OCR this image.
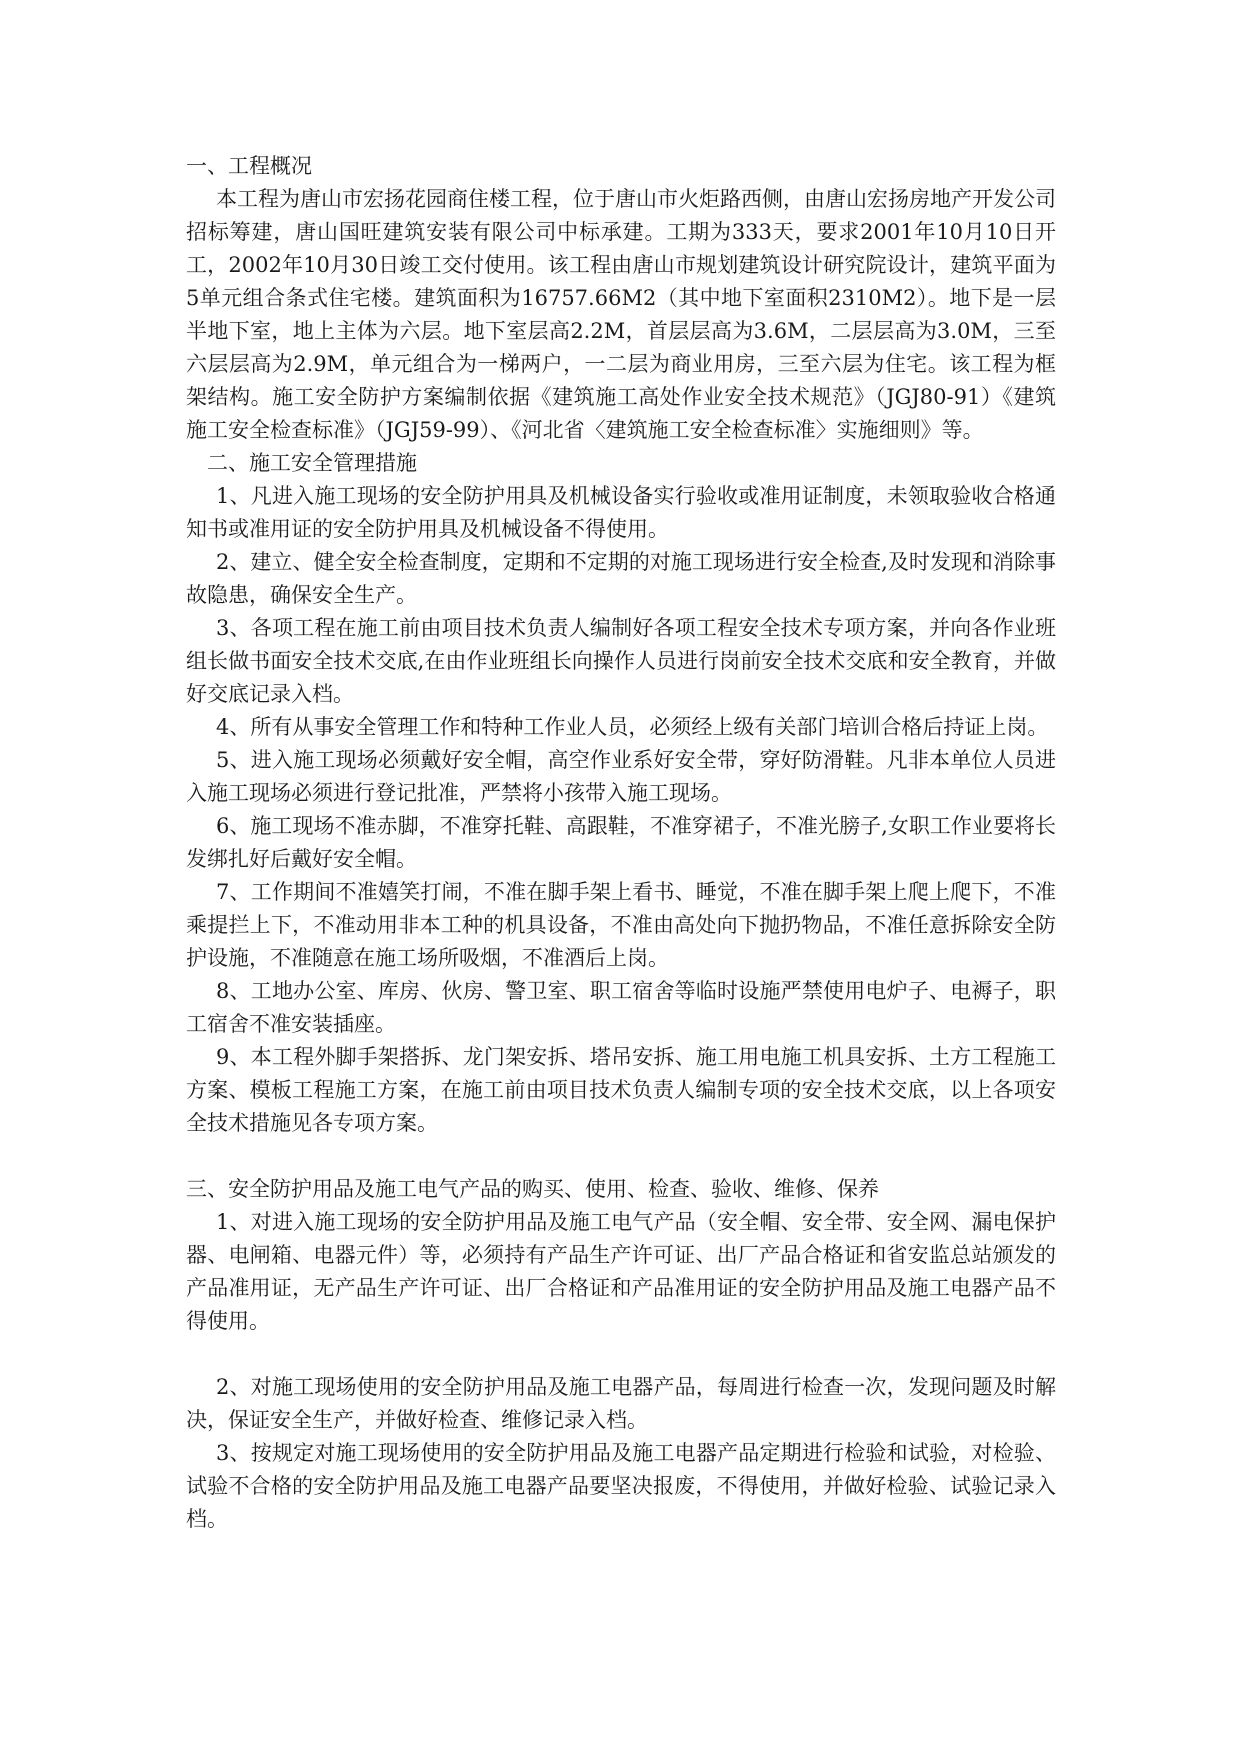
一、工程概况

本工程为唐山市宏扬花园商住楼工程，位于唐山市火炬路西侧，由唐山宏扬房地产开发公司招标筹建，唐山国旺建筑安装有限公司中标承建。工期为333天，要求2001年10月10日开工，2002年10月30日竣工交付使用。该工程由唐山市规划建筑设计研究院设计，建筑平面为5单元组合条式住宅楼。建筑面积为16757.66M2（其中地下室面积2310M2）。地下是一层半地下室，地上主体为六层。地下室层高2.2M，首层层高为3.6M，二层层高为3.0M，三至六层层高为2.9M，单元组合为一梯两户，一二层为商业用房，三至六层为住宅。该工程为框架结构。施工安全防护方案编制依据《建筑施工高处作业安全技术规范》（JGJ80-91）《建筑施工安全检查标准》（JGJ59-99）、《河北省〈建筑施工安全检查标准〉实施细则》等。

二、施工安全管理措施

1、凡进入施工现场的安全防护用具及机械设备实行验收或准用证制度，未领取验收合格通知书或准用证的安全防护用具及机械设备不得使用。

2、建立、健全安全检查制度，定期和不定期的对施工现场进行安全检查,及时发现和消除事故隐患，确保安全生产。

3、各项工程在施工前由项目技术负责人编制好各项工程安全技术专项方案，并向各作业班组长做书面安全技术交底,在由作业班组长向操作人员进行岗前安全技术交底和安全教育，并做好交底记录入档。

4、所有从事安全管理工作和特种工作业人员，必须经上级有关部门培训合格后持证上岗。

5、进入施工现场必须戴好安全帽，高空作业系好安全带，穿好防滑鞋。凡非本单位人员进入施工现场必须进行登记批准，严禁将小孩带入施工现场。

6、施工现场不准赤脚，不准穿托鞋、高跟鞋，不准穿裙子，不准光膀子,女职工作业要将长发绑扎好后戴好安全帽。

7、工作期间不准嬉笑打闹，不准在脚手架上看书、睡觉，不准在脚手架上爬上爬下，不准乘提拦上下，不准动用非本工种的机具设备，不准由高处向下抛扔物品，不准任意拆除安全防护设施，不准随意在施工场所吸烟，不准酒后上岗。

8、工地办公室、库房、伙房、警卫室、职工宿舍等临时设施严禁使用电炉子、电褥子，职工宿舍不准安装插座。

9、本工程外脚手架搭拆、龙门架安拆、塔吊安拆、施工用电施工机具安拆、土方工程施工方案、模板工程施工方案，在施工前由项目技术负责人编制专项的安全技术交底，以上各项安全技术措施见各专项方案。

三、安全防护用品及施工电气产品的购买、使用、检查、验收、维修、保养

1、对进入施工现场的安全防护用品及施工电气产品（安全帽、安全带、安全网、漏电保护器、电闸箱、电器元件）等，必须持有产品生产许可证、出厂产品合格证和省安监总站颁发的产品准用证，无产品生产许可证、出厂合格证和产品准用证的安全防护用品及施工电器产品不得使用。

2、对施工现场使用的安全防护用品及施工电器产品，每周进行检查一次，发现问题及时解决，保证安全生产，并做好检查、维修记录入档。

3、按规定对施工现场使用的安全防护用品及施工电器产品定期进行检验和试验，对检验、试验不合格的安全防护用品及施工电器产品要坚决报废，不得使用，并做好检验、试验记录入档。
